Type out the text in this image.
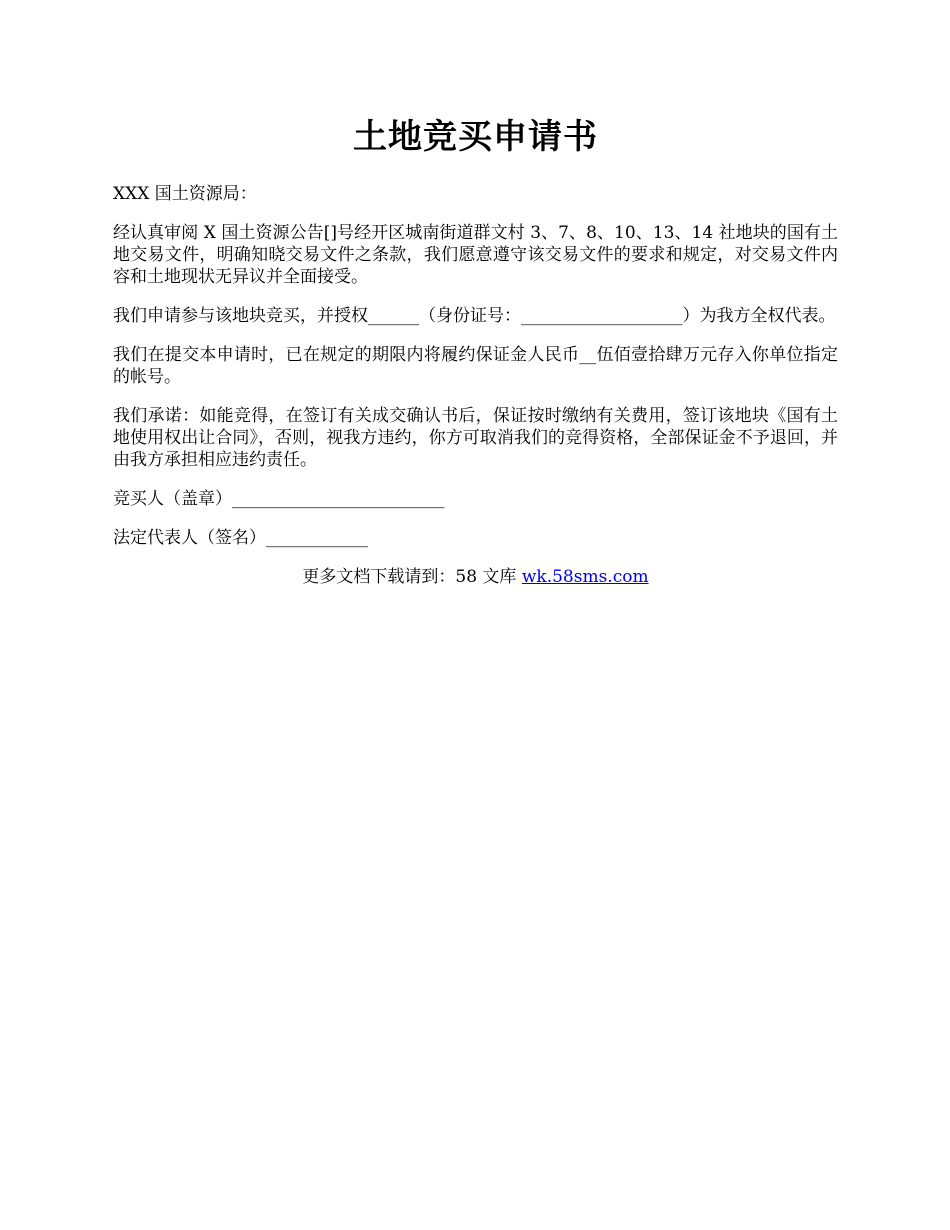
土地竞买申请书

XXX 国土资源局：

经认真审阅 X 国土资源公告[]号经开区城南街道群文村 3、7、8、10、13、14 社地块的国有土地交易文件，明确知晓交易文件之条款，我们愿意遵守该交易文件的要求和规定，对交易文件内容和土地现状无异议并全面接受。

我们申请参与该地块竞买，并授权______（身份证号：___________________）为我方全权代表。

我们在提交本申请时，已在规定的期限内将履约保证金人民币__伍佰壹拾肆万元存入你单位指定的帐号。

我们承诺：如能竞得，在签订有关成交确认书后，保证按时缴纳有关费用，签订该地块《国有土地使用权出让合同》，否则，视我方违约，你方可取消我们的竞得资格，全部保证金不予退回，并由我方承担相应违约责任。

竞买人（盖章）_________________________

法定代表人（签名）____________

更多文档下载请到：58 文库 wk.58sms.com
